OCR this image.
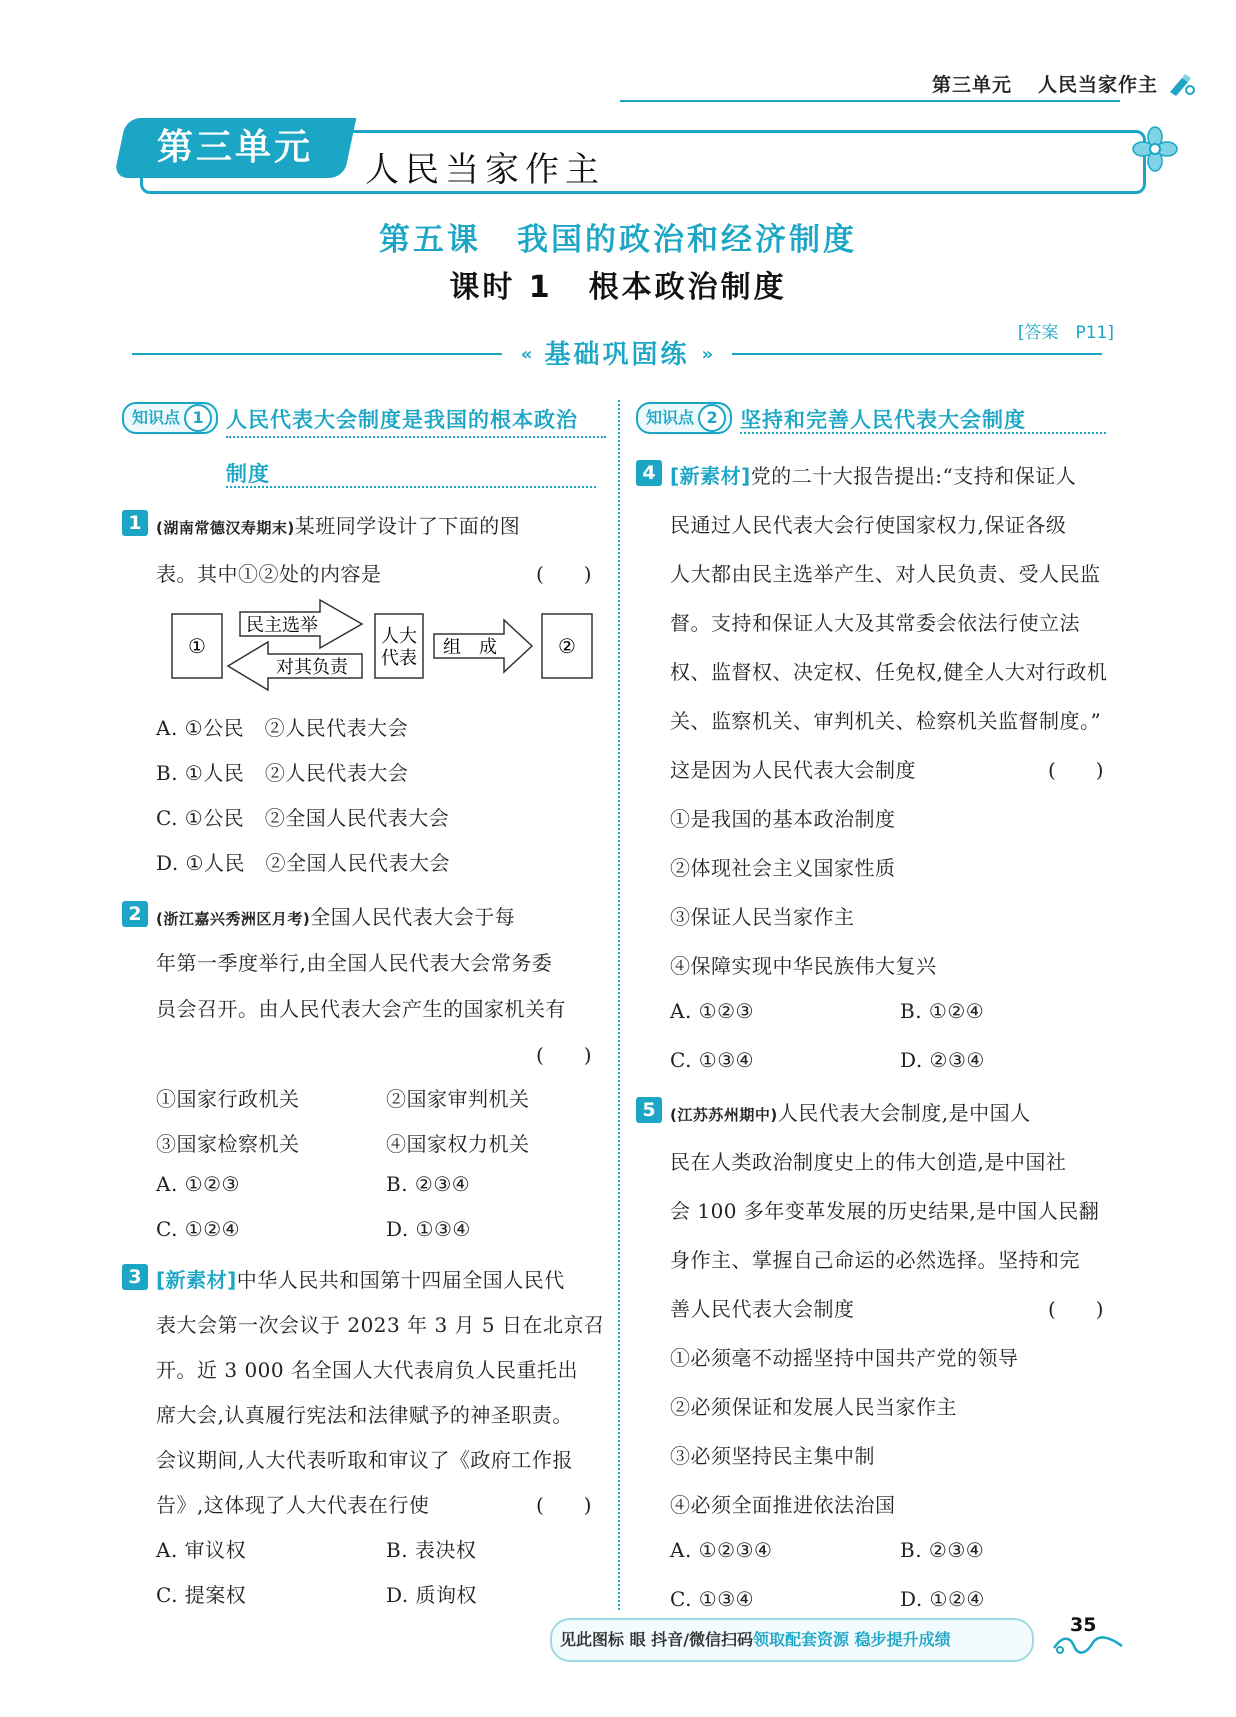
第三单元 人民当家作主
第三单元
人民当家作主
第五课 我国的政治和经济制度
课时 1 根本政治制度
[答案　P11]
« 基础巩固练 »
知识点 1	人民代表大会制度是我国的根本政治
制度
1 (湖南常德汉寿期末)某班同学设计了下面的图
表。其中①②处的内容是	(　　)
①
民主选举
对其负责
人大
代表
组　成	②
A. ①公民　②人民代表大会
B. ①人民　②人民代表大会
C. ①公民　②全国人民代表大会
D. ①人民　②全国人民代表大会
2 (浙江嘉兴秀洲区月考)全国人民代表大会于每
年第一季度举行,由全国人民代表大会常务委
员会召开。由人民代表大会产生的国家机关有
(　　)
①国家行政机关	②国家审判机关
③国家检察机关	④国家权力机关
A. ①②③	B. ②③④
C. ①②④	D. ①③④
3 [新素材]中华人民共和国第十四届全国人民代
表大会第一次会议于 2023 年 3 月 5 日在北京召
开。近 3 000 名全国人大代表肩负人民重托出
席大会,认真履行宪法和法律赋予的神圣职责。
会议期间,人大代表听取和审议了《政府工作报
告》,这体现了人大代表在行使	(　　)
A. 审议权	B. 表决权
C. 提案权	D. 质询权
知识点 2	坚持和完善人民代表大会制度
4 [新素材]党的二十大报告提出:“支持和保证人
民通过人民代表大会行使国家权力,保证各级
人大都由民主选举产生、对人民负责、受人民监
督。支持和保证人大及其常委会依法行使立法
权、监督权、决定权、任免权,健全人大对行政机
关、监察机关、审判机关、检察机关监督制度。”
这是因为人民代表大会制度	(　　)
①是我国的基本政治制度
②体现社会主义国家性质
③保证人民当家作主
④保障实现中华民族伟大复兴
A. ①②③	B. ①②④
C. ①③④	D. ②③④
5 (江苏苏州期中)人民代表大会制度,是中国人
民在人类政治制度史上的伟大创造,是中国社
会 100 多年变革发展的历史结果,是中国人民翻
身作主、掌握自己命运的必然选择。坚持和完
善人民代表大会制度	(　　)
①必须毫不动摇坚持中国共产党的领导
②必须保证和发展人民当家作主
③必须坚持民主集中制
④必须全面推进依法治国
A. ①②③④	B. ②③④
C. ①③④	D. ①②④
见此图标 眼 抖音/微信扫码领取配套资源 稳步提升成绩
35
